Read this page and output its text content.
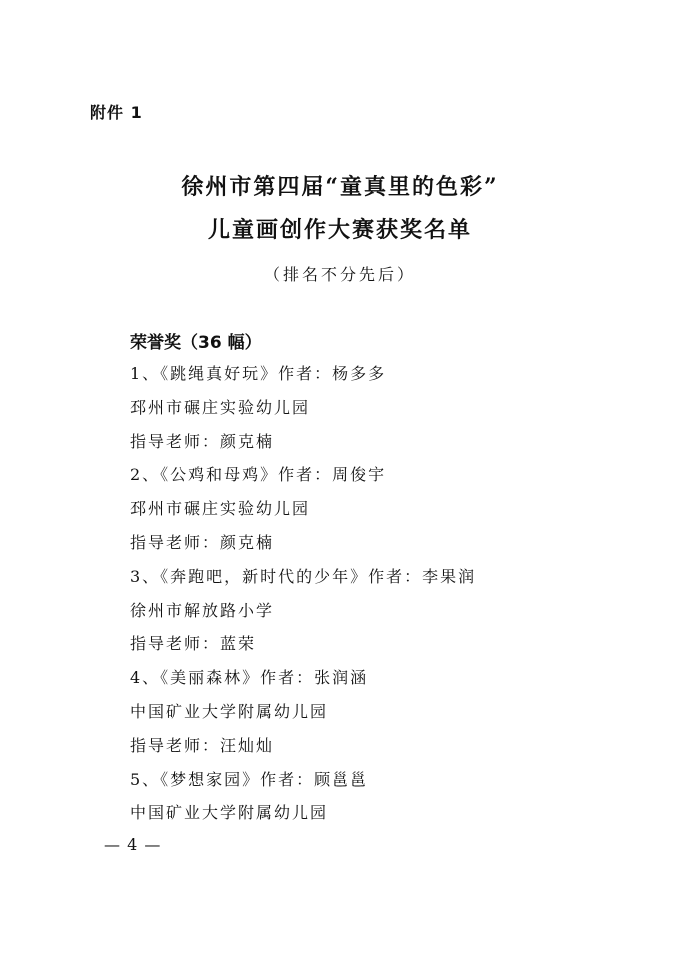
附件 1
徐州市第四届“童真里的色彩”
儿童画创作大赛获奖名单
（排名不分先后）
荣誉奖（36 幅）
1、《跳绳真好玩》作者：杨多多
邳州市碾庄实验幼儿园
指导老师：颜克楠
2、《公鸡和母鸡》作者：周俊宇
邳州市碾庄实验幼儿园
指导老师：颜克楠
3、《奔跑吧，新时代的少年》作者：李果润
徐州市解放路小学
指导老师：蓝荣
4、《美丽森林》作者：张润涵
中国矿业大学附属幼儿园
指导老师：汪灿灿
5、《梦想家园》作者：顾邕邕
中国矿业大学附属幼儿园
— 4 —
